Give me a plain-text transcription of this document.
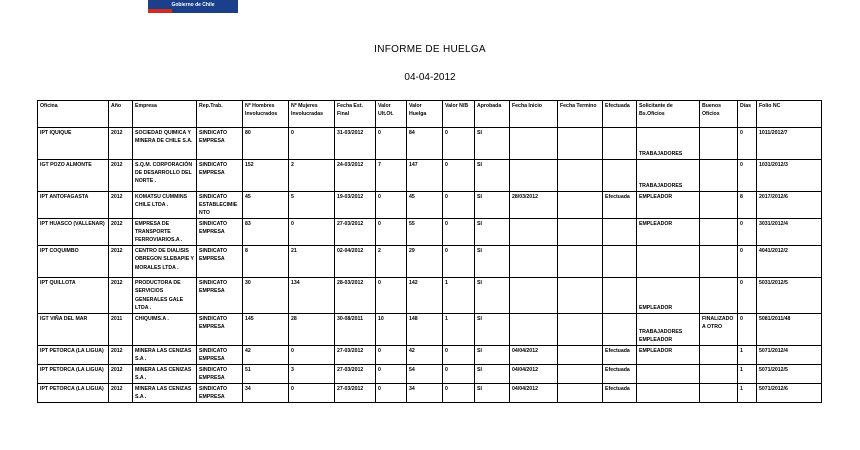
Gobierno de Chile
INFORME DE HUELGA
04-04-2012
Oficina	Año	Empresa	Rep.Trab.	Nº Hombres Involucrados	Nº Mujeres Involucradas	Fecha Est. Final	Valor Ult.Ot.	Valor Huelga	Valor N/B	Aprobada	Fecha Inicio	Fecha Termino	Efectuada	Solicitante de Bs.Oficios	Buenos Oficios	Días	Folio NC
IPT IQUIQUE	2012	SOCIEDAD QUIMICA Y MINERA DE CHILE S.A.	SINDICATO EMPRESA	80	0	31-03/2012	0	84	0	SI				TRABAJADORES		0	1011/2012/7
IGT POZO ALMONTE	2012	S.Q.M. CORPORACIÓN DE DESARROLLO DEL NORTE .	SINDICATO EMPRESA	152	2	24-03/2012	7	147	0	SI				TRABAJADORES		0	1031/2012/3
IPT ANTOFAGASTA	2012	KOMATSU CUMMINS CHILE LTDA .	SINDICATO ESTABLECIMIENTO	45	5	19-03/2012	0	45	0	SI	28/03/2012		Efectuada	EMPLEADOR		8	2017/2012/6
IPT HUASCO (VALLENAR)	2012	EMPRESA DE TRANSPORTE FERROVIARIOS.A .	SINDICATO EMPRESA	83	0	27-03/2012	0	55	0	SI				EMPLEADOR		0	3031/2012/4
IPT COQUIMBO	2012	CENTRO DE DIALISIS OBREGON SLEBAPIE Y MORALES LTDA .	SINDICATO EMPRESA	8	21	02-04/2012	2	29	0	SI						0	4041/2012/2
IPT QUILLOTA	2012	PRODUCTORA DE SERVICIOS GENERALES GALE LTDA .	SINDICATO EMPRESA	30	134	28-03/2012	0	142	1	SI				EMPLEADOR		0	5031/2012/5
IGT VIÑA DEL MAR	2011	CHIQUIMS.A .	SINDICATO EMPRESA	145	28	30-08/2011	10	148	1	SI				TRABAJADORES EMPLEADOR	FINALIZADO A OTRO	0	5081/2011/48
IPT PETORCA (LA LIGUA)	2012	MINERA LAS CENIZAS S.A .	SINDICATO EMPRESA	42	0	27-03/2012	0	42	0	SI	04/04/2012		Efectuada	EMPLEADOR		1	5071/2012/4
IPT PETORCA (LA LIGUA)	2012	MINERA LAS CENIZAS S.A .	SINDICATO EMPRESA	51	3	27-03/2012	0	54	0	SI	04/04/2012		Efectuada			1	5071/2012/5
IPT PETORCA (LA LIGUA)	2012	MINERA LAS CENIZAS S.A .	SINDICATO EMPRESA	34	0	27-03/2012	0	34	0	SI	04/04/2012		Efectuada			1	5071/2012/6
